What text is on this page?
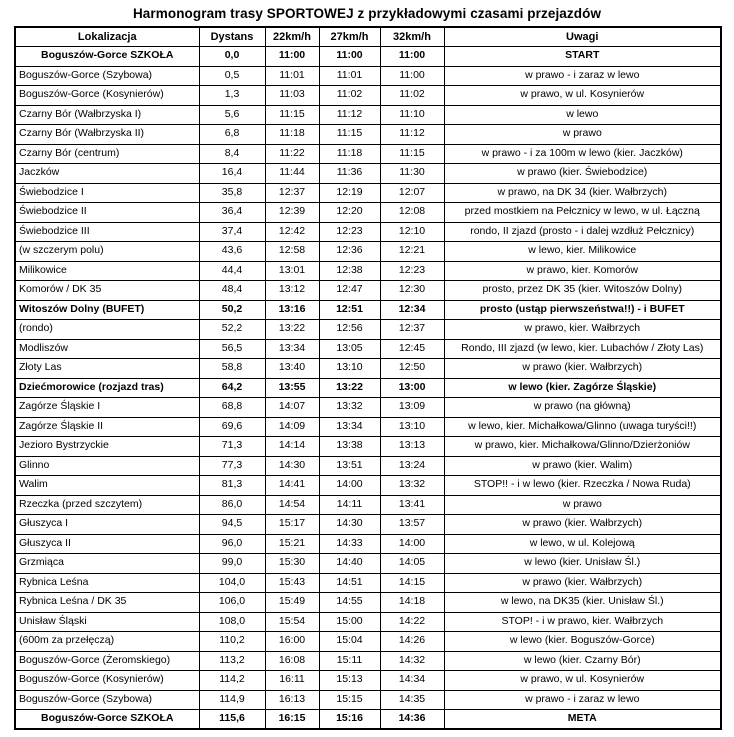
Harmonogram trasy SPORTOWEJ z przykładowymi czasami przejazdów
Lokalizacja	Dystans	22km/h	27km/h	32km/h	Uwagi
Boguszów-Gorce SZKOŁA	0,0	11:00	11:00	11:00	START
Boguszów-Gorce (Szybowa)	0,5	11:01	11:01	11:00	w prawo - i zaraz w lewo
Boguszów-Gorce (Kosynierów)	1,3	11:03	11:02	11:02	w prawo, w ul. Kosynierów
Czarny Bór (Wałbrzyska I)	5,6	11:15	11:12	11:10	w lewo
Czarny Bór (Wałbrzyska II)	6,8	11:18	11:15	11:12	w prawo
Czarny Bór (centrum)	8,4	11:22	11:18	11:15	w prawo - i za 100m w lewo (kier. Jaczków)
Jaczków	16,4	11:44	11:36	11:30	w prawo (kier. Świebodzice)
Świebodzice I	35,8	12:37	12:19	12:07	w prawo, na DK 34 (kier. Wałbrzych)
Świebodzice II	36,4	12:39	12:20	12:08	przed mostkiem na Pełcznicy w lewo, w ul. Łączną
Świebodzice III	37,4	12:42	12:23	12:10	rondo, II zjazd (prosto - i dalej wzdłuż Pełcznicy)
(w szczerym polu)	43,6	12:58	12:36	12:21	w lewo, kier. Milikowice
Milikowice	44,4	13:01	12:38	12:23	w prawo, kier. Komorów
Komorów / DK 35	48,4	13:12	12:47	12:30	prosto, przez DK 35 (kier. Witoszów Dolny)
Witoszów Dolny (BUFET)	50,2	13:16	12:51	12:34	prosto (ustąp pierwszeństwa!!) - i BUFET
(rondo)	52,2	13:22	12:56	12:37	w prawo, kier. Wałbrzych
Modliszów	56,5	13:34	13:05	12:45	Rondo, III zjazd (w lewo, kier. Lubachów / Złoty Las)
Złoty Las	58,8	13:40	13:10	12:50	w prawo (kier. Wałbrzych)
Dziećmorowice (rozjazd tras)	64,2	13:55	13:22	13:00	w lewo (kier. Zagórze Śląskie)
Zagórze Śląskie I	68,8	14:07	13:32	13:09	w prawo (na główną)
Zagórze Śląskie II	69,6	14:09	13:34	13:10	w lewo, kier. Michałkowa/Glinno (uwaga turyści!!)
Jezioro Bystrzyckie	71,3	14:14	13:38	13:13	w prawo, kier. Michałkowa/Glinno/Dzierżoniów
Glinno	77,3	14:30	13:51	13:24	w prawo (kier. Walim)
Walim	81,3	14:41	14:00	13:32	STOP!! - i w lewo (kier. Rzeczka / Nowa Ruda)
Rzeczka (przed szczytem)	86,0	14:54	14:11	13:41	w prawo
Głuszyca I	94,5	15:17	14:30	13:57	w prawo (kier. Wałbrzych)
Głuszyca II	96,0	15:21	14:33	14:00	w lewo, w ul. Kolejową
Grzmiąca	99,0	15:30	14:40	14:05	w lewo (kier. Unisław Śl.)
Rybnica Leśna	104,0	15:43	14:51	14:15	w prawo (kier. Wałbrzych)
Rybnica Leśna / DK 35	106,0	15:49	14:55	14:18	w lewo, na DK35 (kier. Unisław Śl.)
Unisław Śląski	108,0	15:54	15:00	14:22	STOP! - i w prawo, kier. Wałbrzych
(600m za przełęczą)	110,2	16:00	15:04	14:26	w lewo (kier. Boguszów-Gorce)
Boguszów-Gorce (Żeromskiego)	113,2	16:08	15:11	14:32	w lewo (kier. Czarny Bór)
Boguszów-Gorce (Kosynierów)	114,2	16:11	15:13	14:34	w prawo, w ul. Kosynierów
Boguszów-Gorce (Szybowa)	114,9	16:13	15:15	14:35	w prawo - i zaraz w lewo
Boguszów-Gorce SZKOŁA	115,6	16:15	15:16	14:36	META
